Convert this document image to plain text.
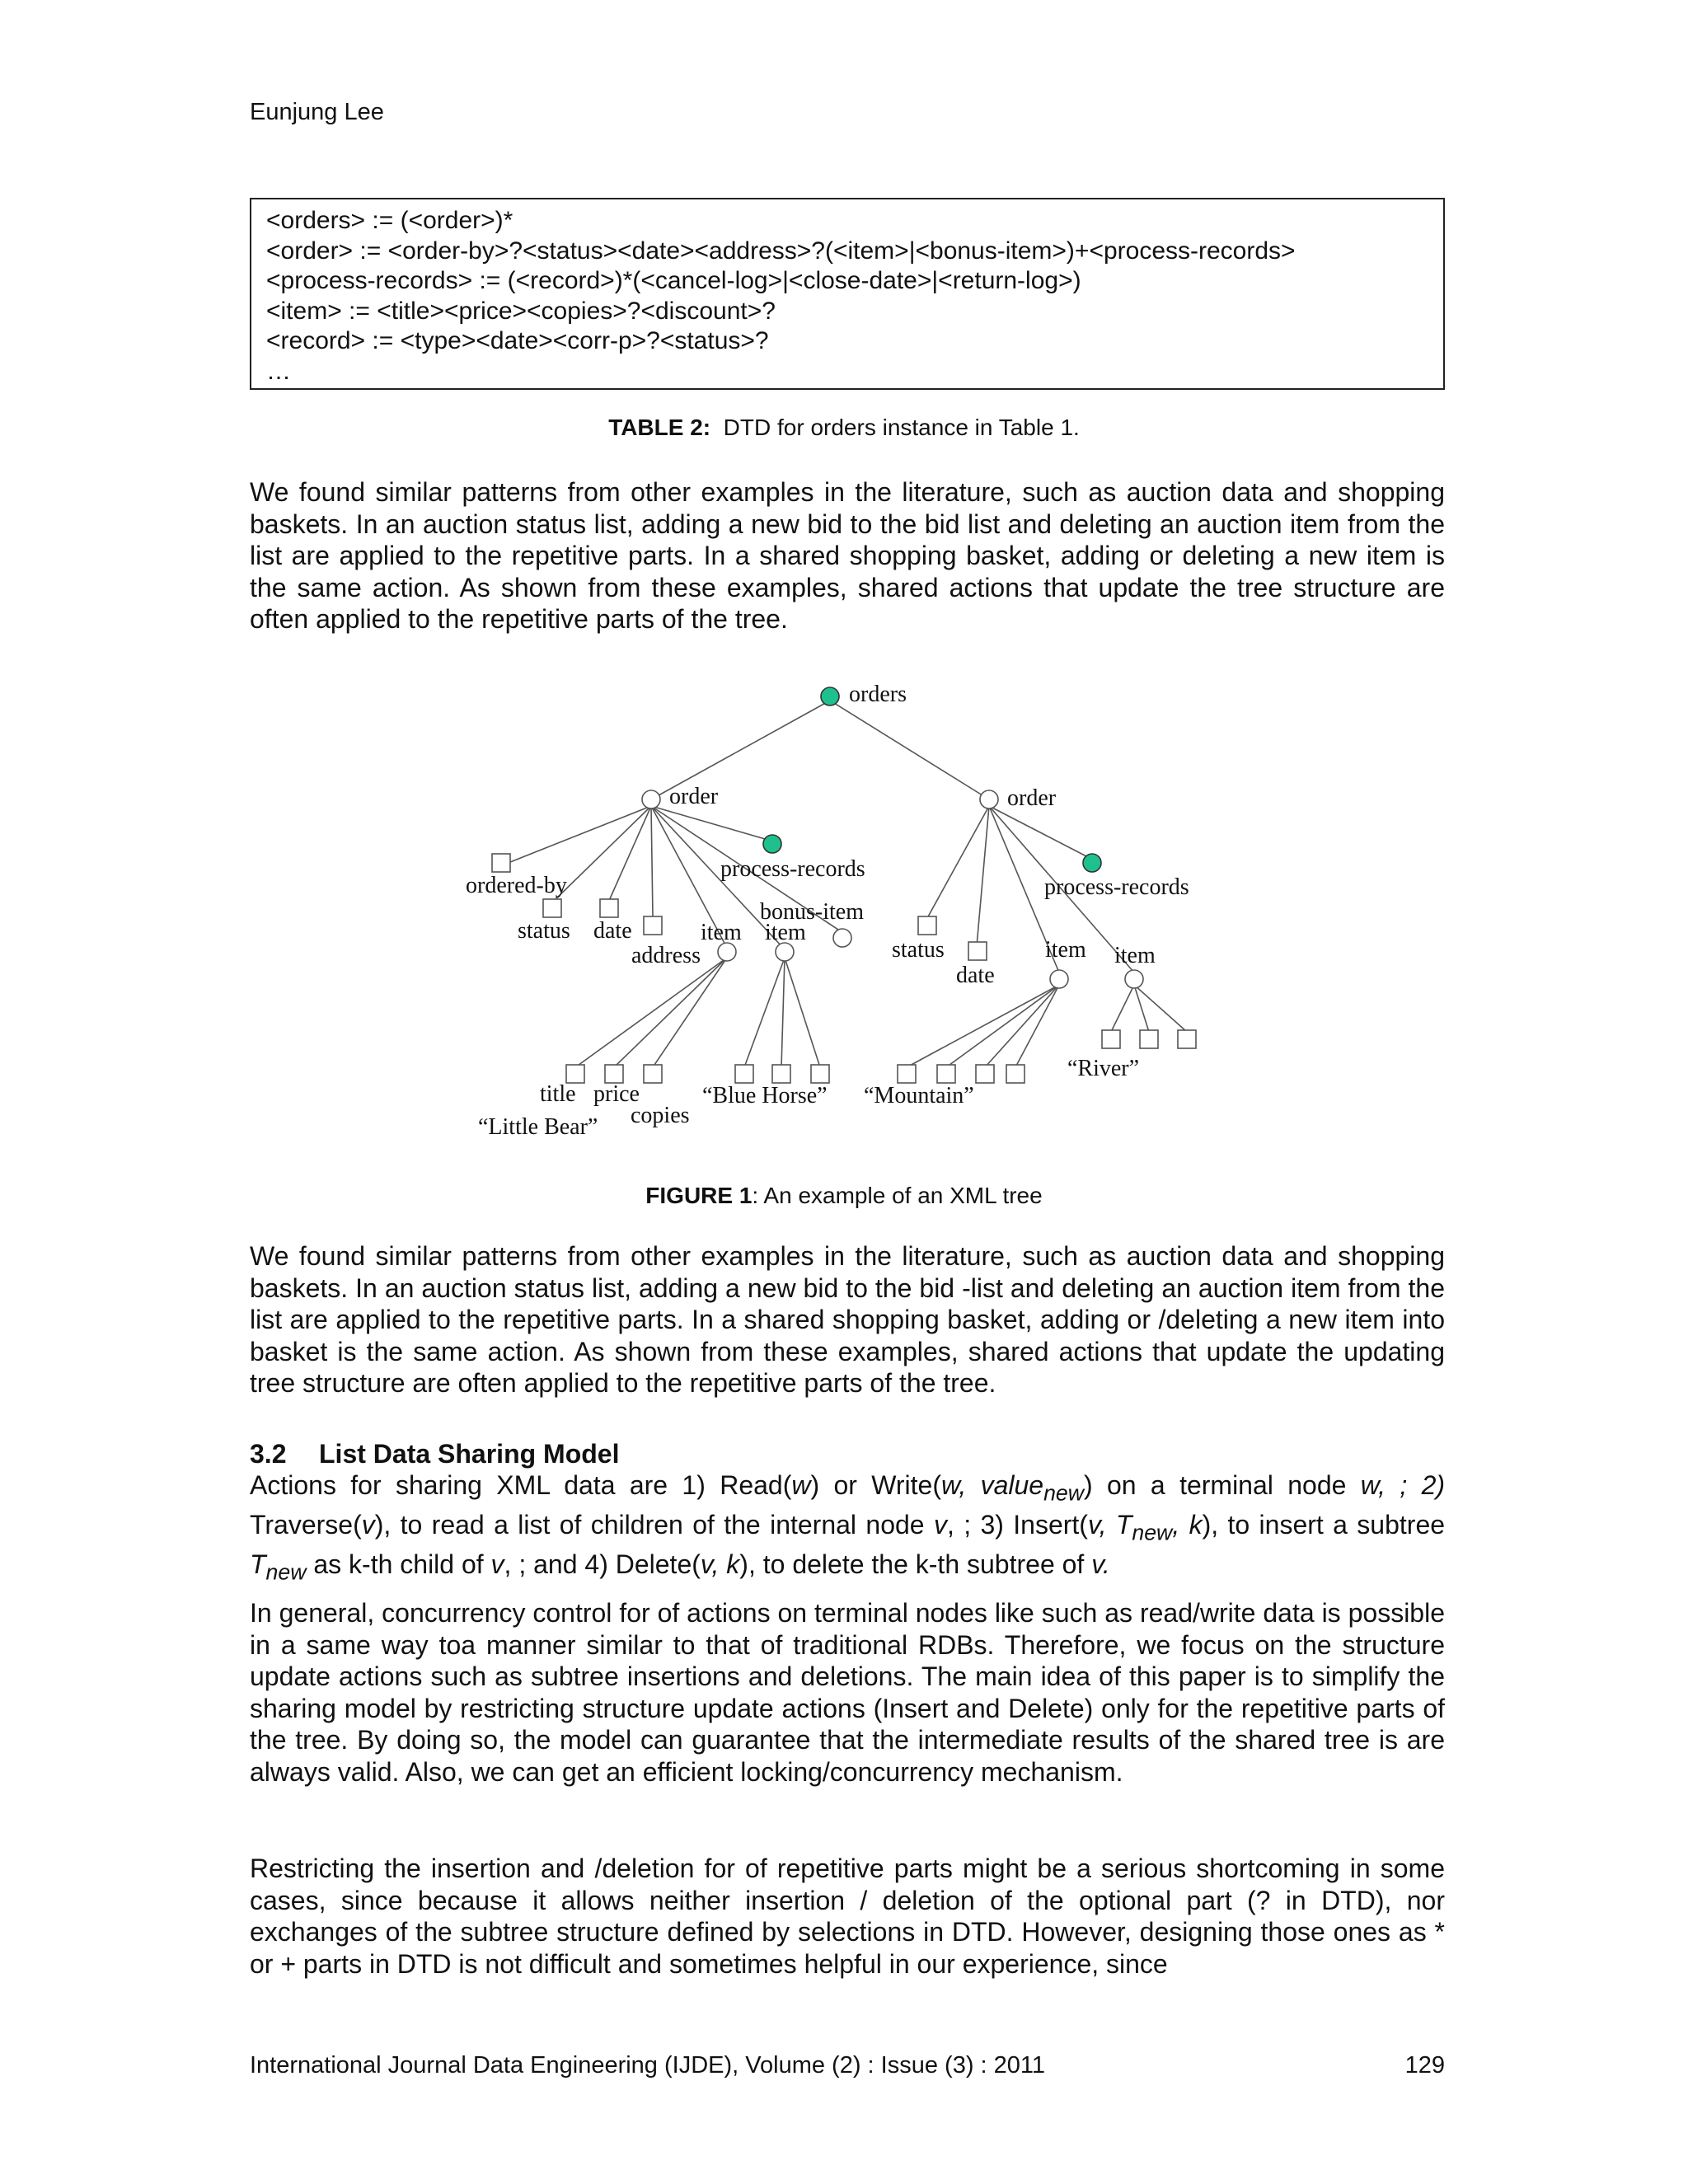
Eunjung Lee
<orders> := (<order>)*
<order> := <order-by>?<status><date><address>?(<item>|<bonus-item>)+<process-records>
<process-records> := (<record>)*(<cancel-log>|<close-date>|<return-log>)
<item> := <title><price><copies>?<discount>?
<record> := <type><date><corr-p>?<status>?
…
TABLE 2: DTD for orders instance in Table 1.
We found similar patterns from other examples in the literature, such as auction data and shopping baskets. In an auction status list, adding a new bid to the bid list and deleting an auction item from the list are applied to the repetitive parts. In a shared shopping basket, adding or deleting a new item is the same action. As shown from these examples, shared actions that update the tree structure are often applied to the repetitive parts of the tree.
orders
order	order
ordered-by
process-records
process-records
bonus-item
status date	item item
address	status
date
item item
title price
copies
“Little Bear”
“Blue Horse” “Mountain”
“River”
FIGURE 1: An example of an XML tree
We found similar patterns from other examples in the literature, such as auction data and shopping baskets. In an auction status list, adding a new bid to the bid -list and deleting an auction item from the list are applied to the repetitive parts. In a shared shopping basket, adding or /deleting a new item into basket is the same action. As shown from these examples, shared actions that update the updating tree structure are often applied to the repetitive parts of the tree.
3.2 List Data Sharing Model
Actions for sharing XML data are 1) Read(w) or Write(w, value$_{new}$) on a terminal node w, ; 2) Traverse(v), to read a list of children of the internal node v, ; 3) Insert(v, $T_{new}$, k), to insert a subtree $T_{new}$ as k-th child of v, ; and 4) Delete(v, k), to delete the k-th subtree of v.
In general, concurrency control for of actions on terminal nodes like such as read/write data is possible in a same way toa manner similar to that of traditional RDBs. Therefore, we focus on the structure update actions such as subtree insertions and deletions. The main idea of this paper is to simplify the sharing model by restricting structure update actions (Insert and Delete) only for the repetitive parts of the tree. By doing so, the model can guarantee that the intermediate results of the shared tree is are always valid. Also, we can get an efficient locking/concurrency mechanism.
Restricting the insertion and /deletion for of repetitive parts might be a serious shortcoming in some cases, since because it allows neither insertion / deletion of the optional part (? in DTD), nor exchanges of the subtree structure defined by selections in DTD. However, designing those ones as * or + parts in DTD is not difficult and sometimes helpful in our experience, since
International Journal Data Engineering (IJDE), Volume (2) : Issue (3) : 2011	129
